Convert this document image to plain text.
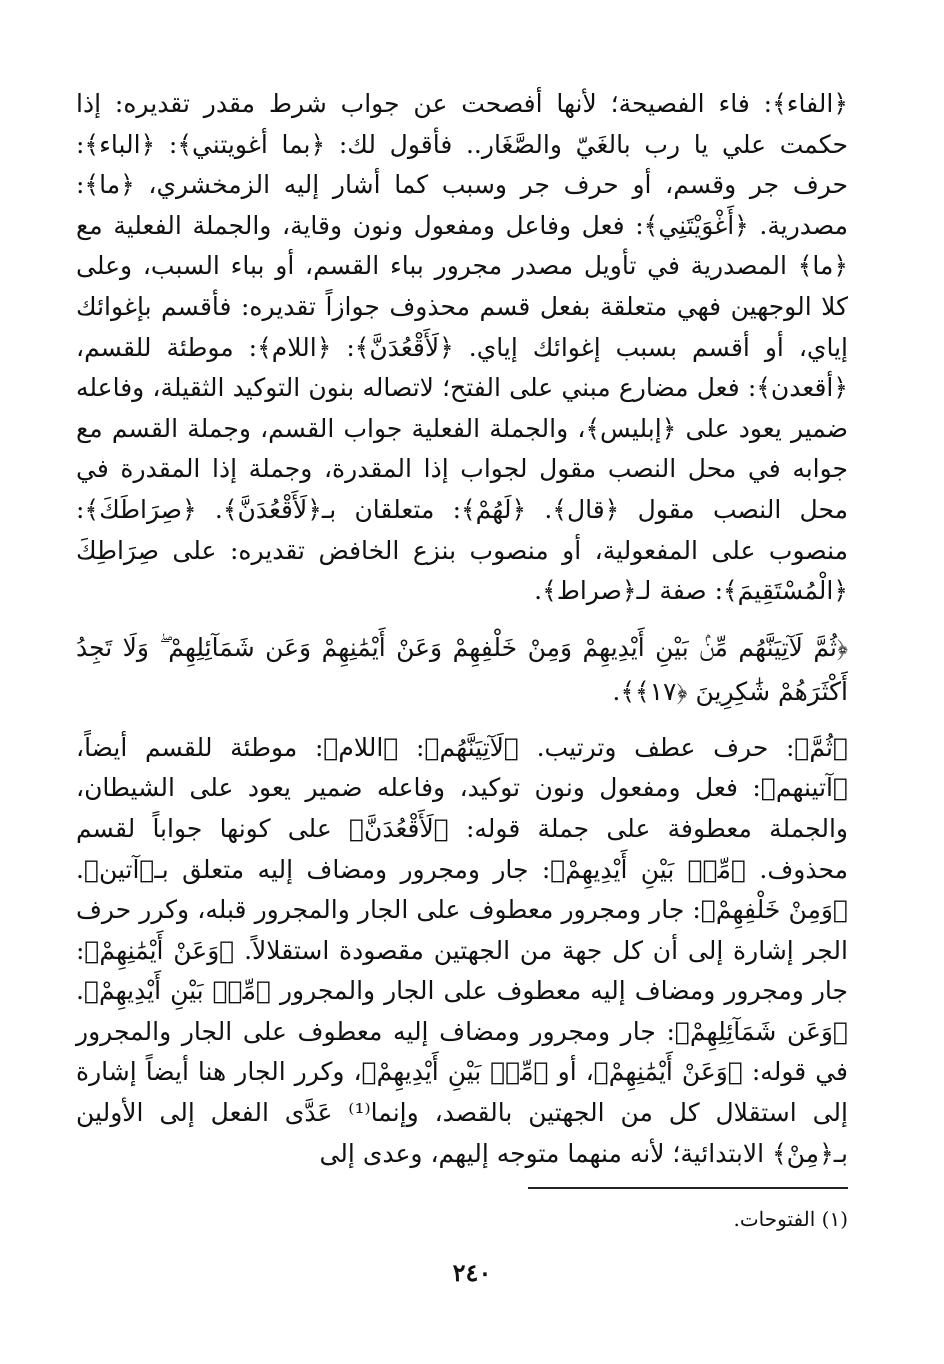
﴿الفاء﴾: فاء الفصيحة؛ لأنها أفصحت عن جواب شرط مقدر تقديره: إذا حكمت علي يا رب بالغَيّ والصَّغَار.. فأقول لك: ﴿بما أغويتني﴾: ﴿الباء﴾: حرف جر وقسم، أو حرف جر وسبب كما أشار إليه الزمخشري، ﴿ما﴾: مصدرية. ﴿أَغْوَيْتَنِي﴾: فعل وفاعل ومفعول ونون وقاية، والجملة الفعلية مع ﴿ما﴾ المصدرية في تأويل مصدر مجرور بباء القسم، أو بباء السبب، وعلى كلا الوجهين فهي متعلقة بفعل قسم محذوف جوازاً تقديره: فأقسم بإغوائك إياي، أو أقسم بسبب إغوائك إياي. ﴿لَأَقْعُدَنَّ﴾: ﴿اللام﴾: موطئة للقسم، ﴿أقعدن﴾: فعل مضارع مبني على الفتح؛ لاتصاله بنون التوكيد الثقيلة، وفاعله ضمير يعود على ﴿إبليس﴾، والجملة الفعلية جواب القسم، وجملة القسم مع جوابه في محل النصب مقول لجواب إذا المقدرة، وجملة إذا المقدرة في محل النصب مقول ﴿قال﴾. ﴿لَهُمْ﴾: متعلقان بـ﴿لَأَقْعُدَنَّ﴾. ﴿صِرَاطَكَ﴾: منصوب على المفعولية، أو منصوب بنزع الخافض تقديره: على صِرَاطِكَ ﴿الْمُسْتَقِيمَ﴾: صفة لـ﴿صراط﴾.

﴿ثُمَّ لَآتِيَنَّهُم مِّنۢ بَيْنِ أَيْدِيهِمْ وَمِنْ خَلْفِهِمْ وَعَنْ أَيْمَٰنِهِمْ وَعَن شَمَآئِلِهِمْ ۖ وَلَا تَجِدُ أَكْثَرَهُمْ شَٰكِرِينَ ﴿١٧﴾﴾.

﴿ثُمَّ﴾: حرف عطف وترتيب. ﴿لَآتِيَنَّهُم﴾: ﴿اللام﴾: موطئة للقسم أيضاً، ﴿آتينهم﴾: فعل ومفعول ونون توكيد، وفاعله ضمير يعود على الشيطان، والجملة معطوفة على جملة قوله: ﴿لَأَقْعُدَنَّ﴾ على كونها جواباً لقسم محذوف. ﴿مِّنۢ بَيْنِ أَيْدِيهِمْ﴾: جار ومجرور ومضاف إليه متعلق بـ﴿آتين﴾. ﴿وَمِنْ خَلْفِهِمْ﴾: جار ومجرور معطوف على الجار والمجرور قبله، وكرر حرف الجر إشارة إلى أن كل جهة من الجهتين مقصودة استقلالاً. ﴿وَعَنْ أَيْمَٰنِهِمْ﴾: جار ومجرور ومضاف إليه معطوف على الجار والمجرور ﴿مِّنۢ بَيْنِ أَيْدِيهِمْ﴾. ﴿وَعَن شَمَآئِلِهِمْ﴾: جار ومجرور ومضاف إليه معطوف على الجار والمجرور في قوله: ﴿وَعَنْ أَيْمَٰنِهِمْ﴾، أو ﴿مِّنۢ بَيْنِ أَيْدِيهِمْ﴾، وكرر الجار هنا أيضاً إشارة إلى استقلال كل من الجهتين بالقصد، وإنما⁽¹⁾ عَدَّى الفعل إلى الأولين بـ﴿مِنْ﴾ الابتدائية؛ لأنه منهما متوجه إليهم، وعدى إلى

(١) الفتوحات.
٢٤٠
